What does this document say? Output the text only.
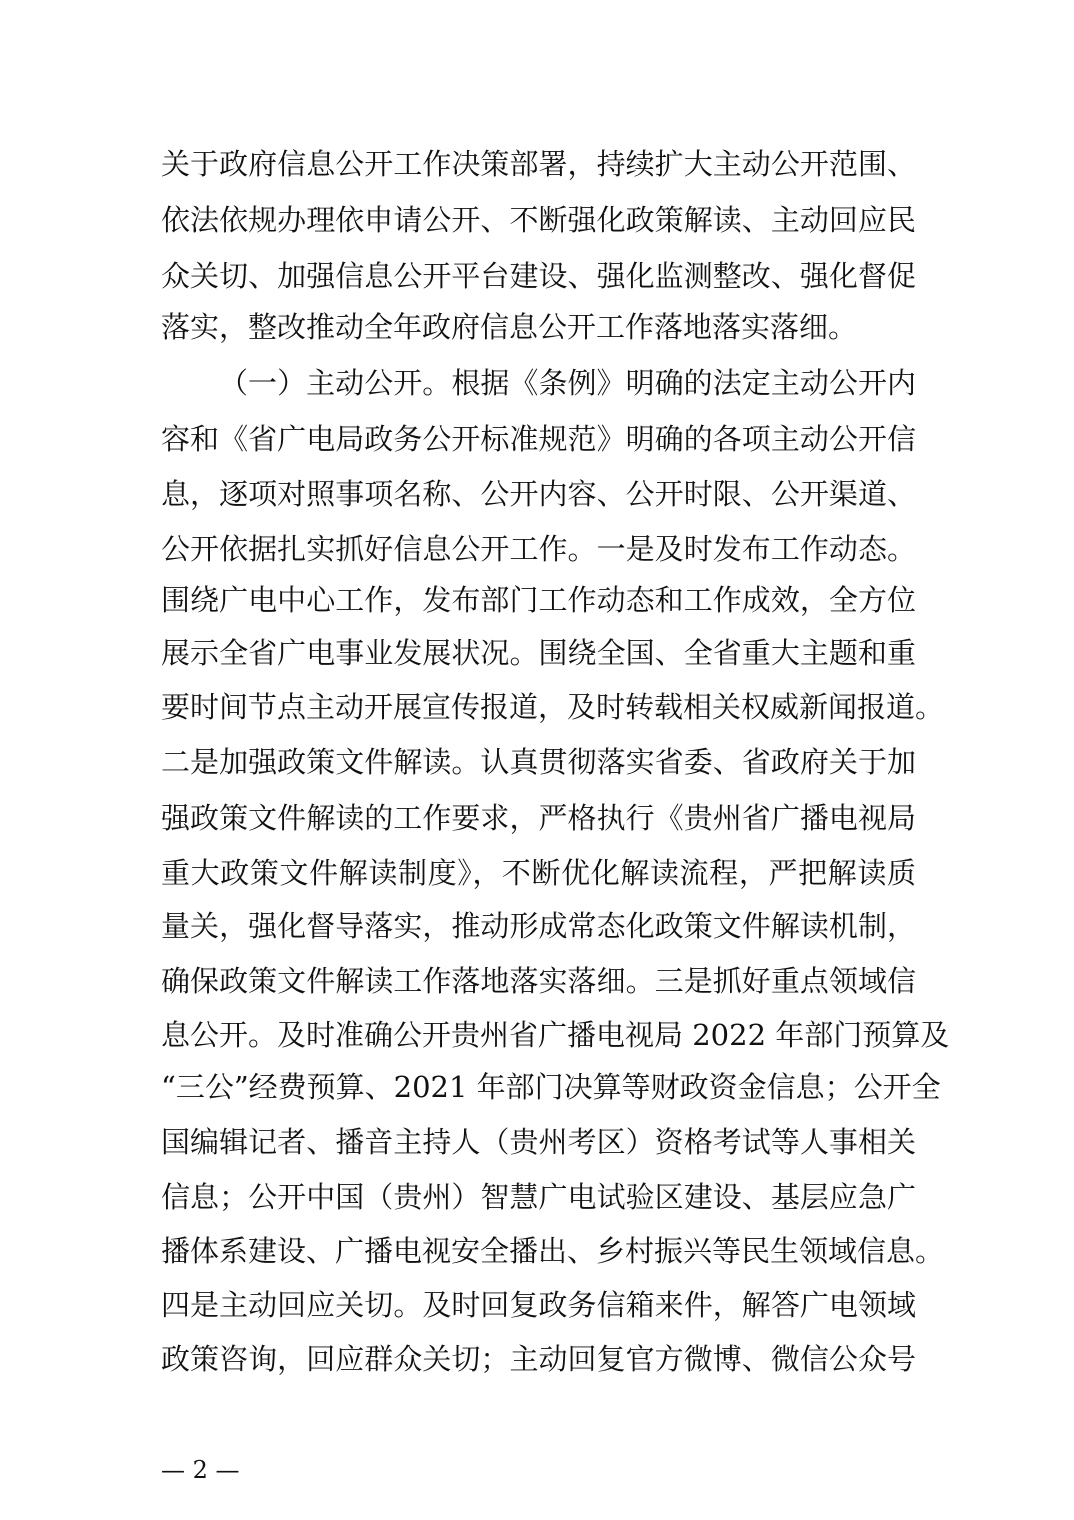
关于政府信息公开工作决策部署，持续扩大主动公开范围、
依法依规办理依申请公开、不断强化政策解读、主动回应民
众关切、加强信息公开平台建设、强化监测整改、强化督促
落实，整改推动全年政府信息公开工作落地落实落细。
（一）主动公开。根据《条例》明确的法定主动公开内
容和《省广电局政务公开标准规范》明确的各项主动公开信
息，逐项对照事项名称、公开内容、公开时限、公开渠道、
公开依据扎实抓好信息公开工作。一是及时发布工作动态。
围绕广电中心工作，发布部门工作动态和工作成效，全方位
展示全省广电事业发展状况。围绕全国、全省重大主题和重
要时间节点主动开展宣传报道，及时转载相关权威新闻报道。
二是加强政策文件解读。认真贯彻落实省委、省政府关于加
强政策文件解读的工作要求，严格执行《贵州省广播电视局
重大政策文件解读制度》，不断优化解读流程，严把解读质
量关，强化督导落实，推动形成常态化政策文件解读机制，
确保政策文件解读工作落地落实落细。三是抓好重点领域信
息公开。及时准确公开贵州省广播电视局 2022 年部门预算及
“三公”经费预算、2021 年部门决算等财政资金信息；公开全
国编辑记者、播音主持人（贵州考区）资格考试等人事相关
信息；公开中国（贵州）智慧广电试验区建设、基层应急广
播体系建设、广播电视安全播出、乡村振兴等民生领域信息。
四是主动回应关切。及时回复政务信箱来件，解答广电领域
政策咨询，回应群众关切；主动回复官方微博、微信公众号
— 2 —
